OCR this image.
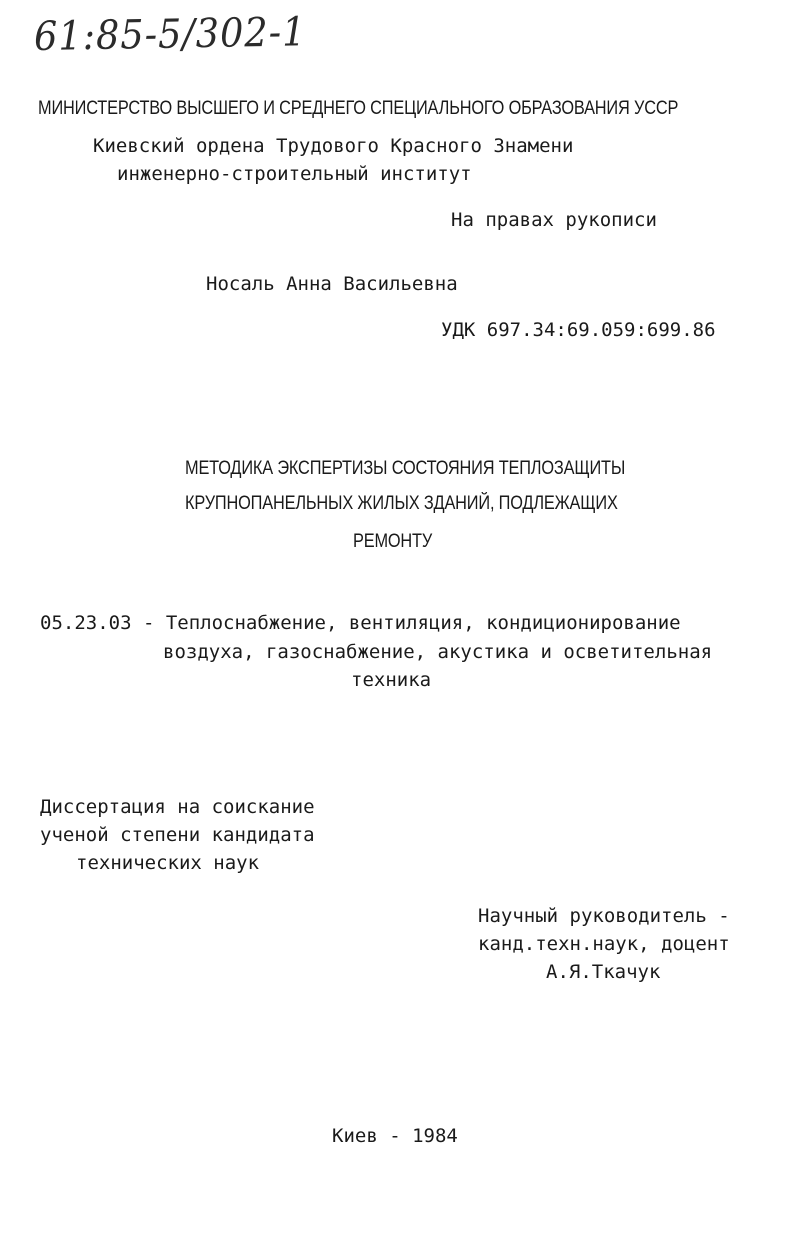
61:85-5/302-1

МИНИСТЕРСТВО ВЫСШЕГО И СРЕДНЕГО СПЕЦИАЛЬНОГО ОБРАЗОВАНИЯ УССР

Киевский ордена Трудового Красного Знамени

инженерно-строительный институт

На правах рукописи

Носаль Анна Васильевна

УДК 697.34:69.059:699.86

МЕТОДИКА ЭКСПЕРТИЗЫ СОСТОЯНИЯ ТЕПЛОЗАЩИТЫ

КРУПНОПАНЕЛЬНЫХ ЖИЛЫХ ЗДАНИЙ, ПОДЛЕЖАЩИХ

РЕМОНТУ

05.23.03 - Теплоснабжение, вентиляция, кондиционирование

воздуха, газоснабжение, акустика и осветительная

техника

Диссертация на соискание

ученой степени кандидата

технических наук

Научный руководитель -

канд.техн.наук, доцент

А.Я.Ткачук

Киев - 1984
